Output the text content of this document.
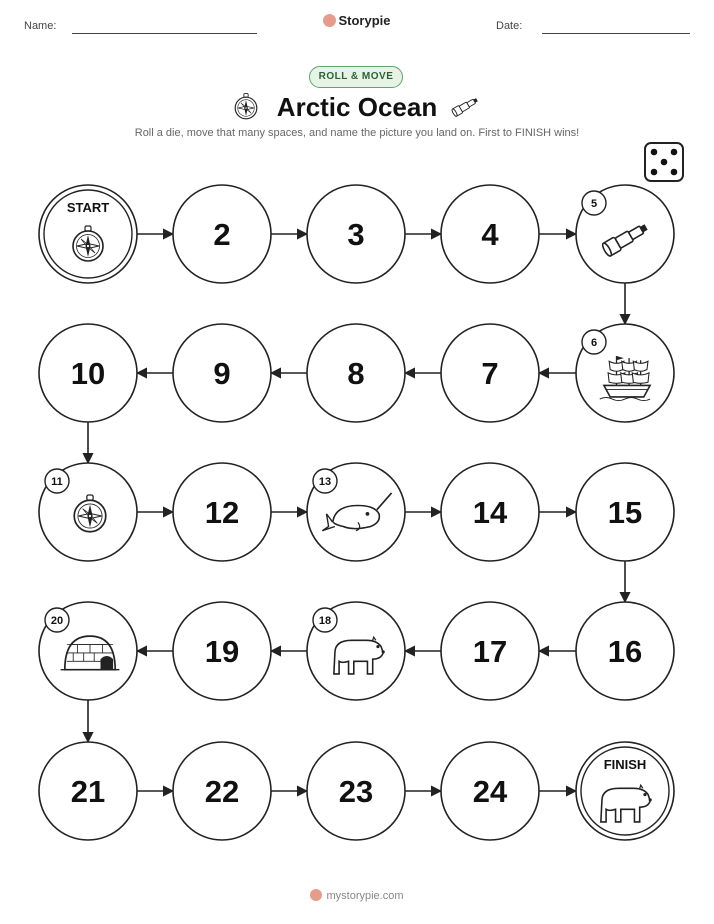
Name:	Storypie	Date:
ROLL & MOVE
START
2	3	4
5
6
7
8
9
10
11
12
13
14	15
16
17
18
19
20
21	22	23	24
FINISH
Arctic Ocean
Roll a die, move that many spaces, and name the picture you land on. First to FINISH wins!
mystorypie.com
